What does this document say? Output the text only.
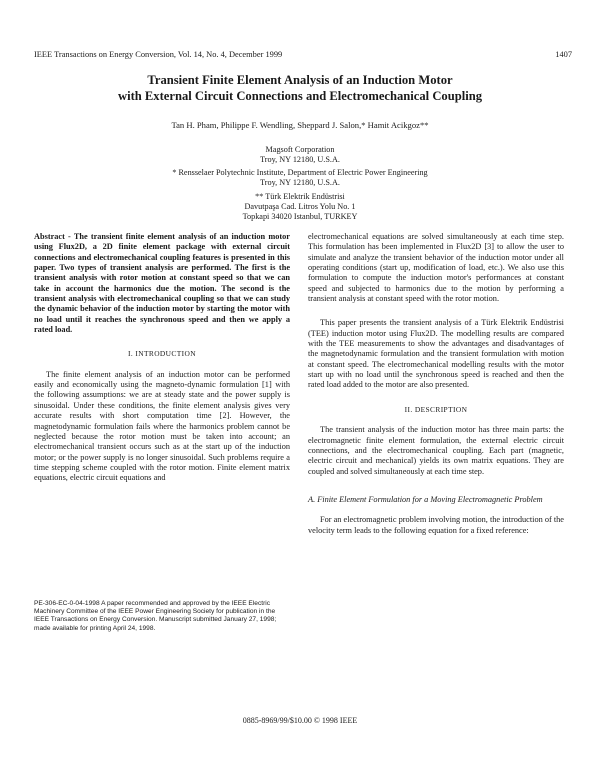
IEEE Transactions on Energy Conversion, Vol. 14, No. 4, December 1999	1407
Transient Finite Element Analysis of an Induction Motor
with External Circuit Connections and Electromechanical Coupling
Tan H. Pham, Philippe F. Wendling, Sheppard J. Salon,* Hamit Acikgoz**
Magsoft Corporation
Troy, NY 12180, U.S.A.
* Rensselaer Polytechnic Institute, Department of Electric Power Engineering
Troy, NY 12180, U.S.A.
** Türk Elektrik Endüstrisi
Davutpaşa Cad. Litros Yolu No. 1
Topkapi 34020 Istanbul, TURKEY

Abstract - The transient finite element analysis of an induction motor using Flux2D, a 2D finite element package with external circuit connections and electromechanical coupling features is presented in this paper. Two types of transient analysis are performed. The first is the transient analysis with rotor motion at constant speed so that we can take in account the harmonics due the motion. The second is the transient analysis with electromechanical coupling so that we can study the dynamic behavior of the induction motor by starting the motor with no load until it reaches the synchronous speed and then we apply a rated load.

I. INTRODUCTION

The finite element analysis of an induction motor can be performed easily and economically using the magneto-dynamic formulation [1] with the following assumptions: we are at steady state and the power supply is sinusoidal. Under these conditions, the finite element analysis gives very accurate results with short computation time [2]. However, the magnetodynamic formulation fails where the harmonics problem cannot be neglected because the rotor motion must be taken into account; an electromechanical transient occurs such as at the start up of the induction motor; or the power supply is no longer sinusoidal. Such problems require a time stepping scheme coupled with the rotor motion. Finite element matrix equations, electric circuit equations and

PE-306-EC-0-04-1998 A paper recommended and approved by the IEEE Electric Machinery Committee of the IEEE Power Engineering Society for publication in the IEEE Transactions on Energy Conversion. Manuscript submitted January 27, 1998; made available for printing April 24, 1998.

electromechanical equations are solved simultaneously at each time step. This formulation has been implemented in Flux2D [3] to allow the user to simulate and analyze the transient behavior of the induction motor under all operating conditions (start up, modification of load, etc.). We also use this formulation to compute the induction motor's performances at constant speed and subjected to harmonics due to the motion by performing a transient analysis at constant speed with the rotor motion.

This paper presents the transient analysis of a Türk Elektrik Endüstrisi (TEE) induction motor using Flux2D. The modelling results are compared with the TEE measurements to show the advantages and disadvantages of the magnetodynamic formulation and the transient formulation with motion at constant speed. The electromechanical modelling results with the motor start up with no load until the synchronous speed is reached and then the rated load added to the motor are also presented.

II. DESCRIPTION

The transient analysis of the induction motor has three main parts: the electromagnetic finite element formulation, the external electric circuit connections, and the electromechanical coupling. Each part (magnetic, electric circuit and mechanical) yields its own matrix equations. They are coupled and solved simultaneously at each time step.

A. Finite Element Formulation for a Moving Electromagnetic Problem

For an electromagnetic problem involving motion, the introduction of the velocity term leads to the following equation for a fixed reference:

0885-8969/99/$10.00 © 1998 IEEE
